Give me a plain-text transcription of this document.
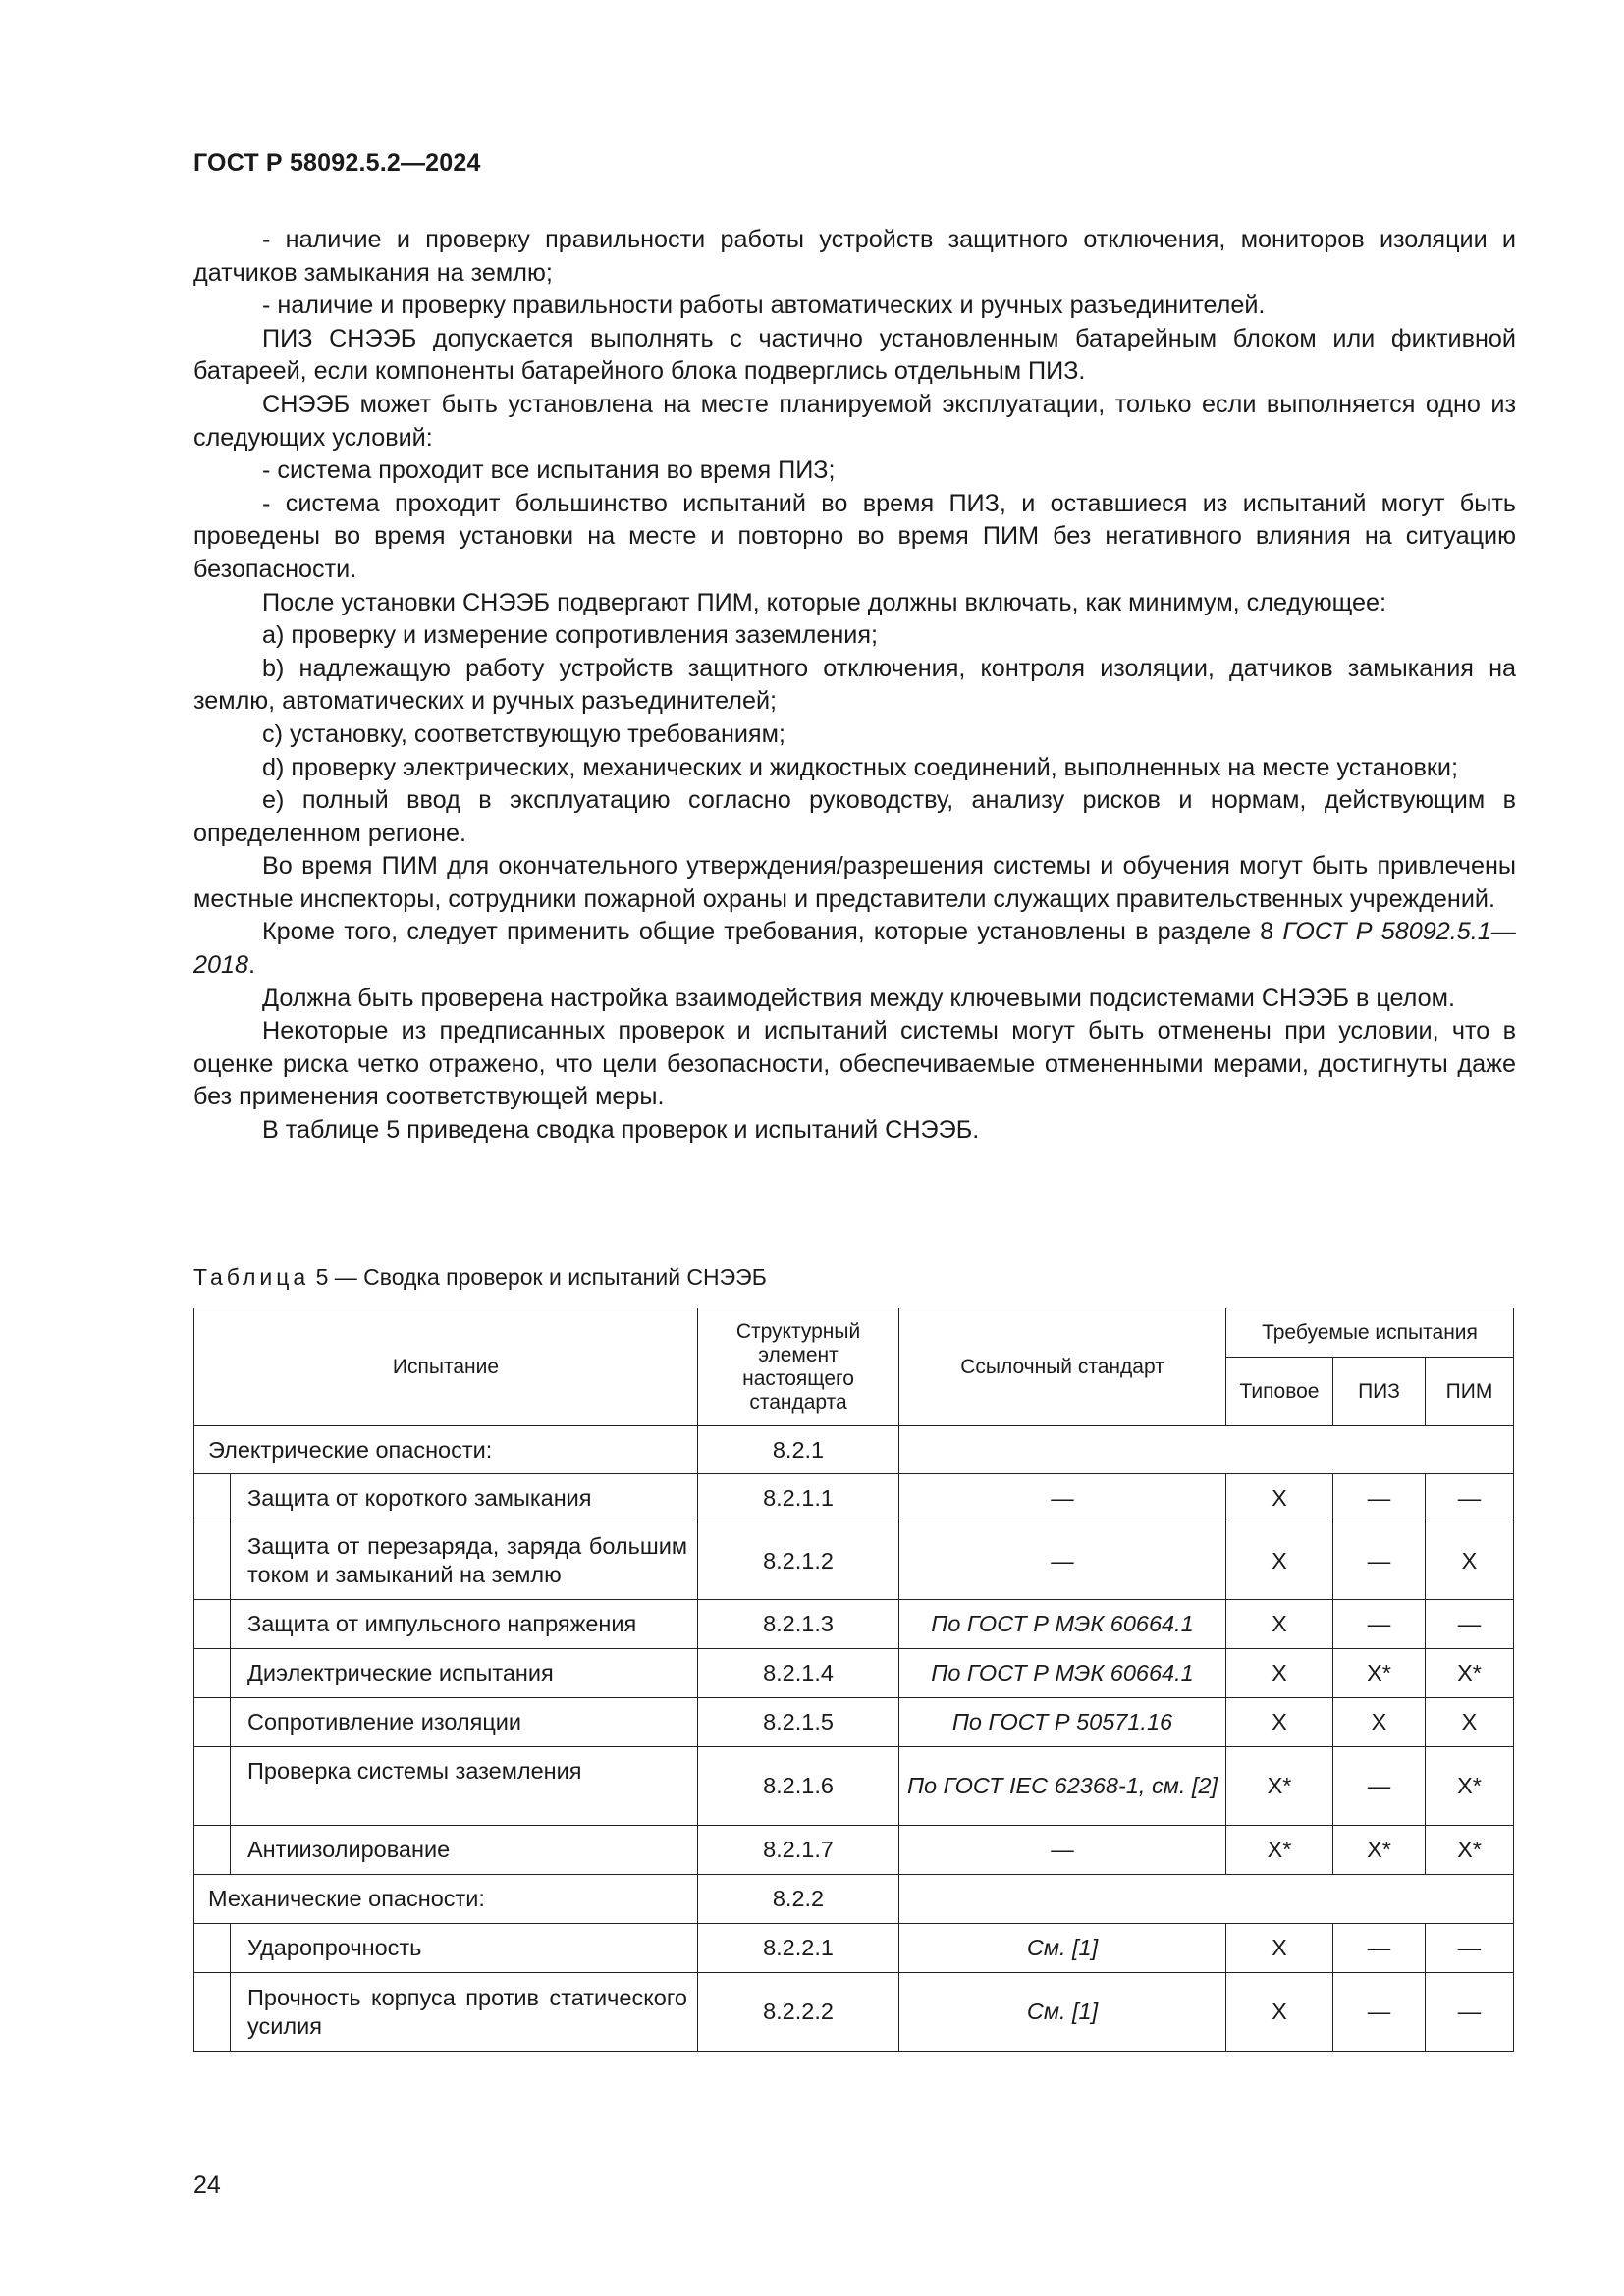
ГОСТ Р 58092.5.2—2024

- наличие и проверку правильности работы устройств защитного отключения, мониторов изоляции и датчиков замыкания на землю;

- наличие и проверку правильности работы автоматических и ручных разъединителей.

ПИЗ СНЭЭБ допускается выполнять с частично установленным батарейным блоком или фиктивной батареей, если компоненты батарейного блока подверглись отдельным ПИЗ.

СНЭЭБ может быть установлена на месте планируемой эксплуатации, только если выполняется одно из следующих условий:

- система проходит все испытания во время ПИЗ;

- система проходит большинство испытаний во время ПИЗ, и оставшиеся из испытаний могут быть проведены во время установки на месте и повторно во время ПИМ без негативного влияния на ситуацию безопасности.

После установки СНЭЭБ подвергают ПИМ, которые должны включать, как минимум, следующее:

a) проверку и измерение сопротивления заземления;

b) надлежащую работу устройств защитного отключения, контроля изоляции, датчиков замыкания на землю, автоматических и ручных разъединителей;

c) установку, соответствующую требованиям;

d) проверку электрических, механических и жидкостных соединений, выполненных на месте установки;

e) полный ввод в эксплуатацию согласно руководству, анализу рисков и нормам, действующим в определенном регионе.

Во время ПИМ для окончательного утверждения/разрешения системы и обучения могут быть привлечены местные инспекторы, сотрудники пожарной охраны и представители служащих правительственных учреждений.

Кроме того, следует применить общие требования, которые установлены в разделе 8 ГОСТ Р 58092.5.1—2018.

Должна быть проверена настройка взаимодействия между ключевыми подсистемами СНЭЭБ в целом.

Некоторые из предписанных проверок и испытаний системы могут быть отменены при условии, что в оценке риска четко отражено, что цели безопасности, обеспечиваемые отмененными мерами, достигнуты даже без применения соответствующей меры.

В таблице 5 приведена сводка проверок и испытаний СНЭЭБ.

Таблица 5 — Сводка проверок и испытаний СНЭЭБ
Испытание	Структурный элемент настоящего стандарта	Ссылочный стандарт	Требуемые испытания		
			Типовое	ПИЗ	ПИМ
Электрические опасности:	8.2.1				

Защита от короткого замыкания	8.2.1.1	—	X	—	—

Защита от перезаряда, заряда большим током и замыканий на землю	8.2.1.2	—	X	—	X

Защита от импульсного напряжения	8.2.1.3	По ГОСТ Р МЭК 60664.1	X	—	—

Диэлектрические испытания	8.2.1.4	По ГОСТ Р МЭК 60664.1	X	X*	X*

Сопротивление изоляции	8.2.1.5	По ГОСТ Р 50571.16	X	X	X

Проверка системы заземления	8.2.1.6	По ГОСТ IEC 62368-1, см. [2]	X*	—	X*

Антиизолирование	8.2.1.7	—	X*	X*	X*
Механические опасности:	8.2.2				

Ударопрочность	8.2.2.1	См. [1]	X	—	—

Прочность корпуса против статического усилия	8.2.2.2	См. [1]	X	—	—
24
